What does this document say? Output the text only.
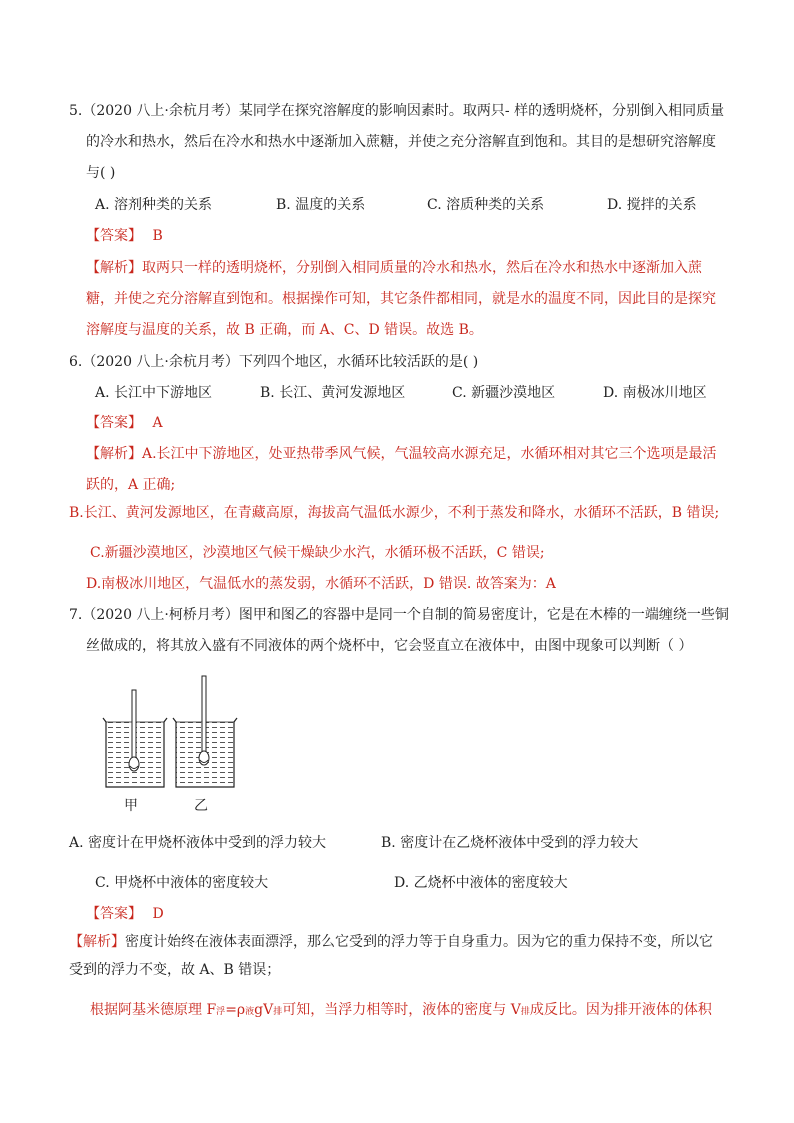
5.（2020 八上·余杭月考）某同学在探究溶解度的影响因素时。取两只- 样的透明烧杯，分别倒入相同质量
的冷水和热水，然后在冷水和热水中逐渐加入蔗糖，并使之充分溶解直到饱和。其目的是想研究溶解度
与( )
A. 溶剂种类的关系	B. 温度的关系	C. 溶质种类的关系	D. 搅拌的关系
【答案】 B
【解析】取两只一样的透明烧杯，分别倒入相同质量的冷水和热水，然后在冷水和热水中逐渐加入蔗
糖，并使之充分溶解直到饱和。根据操作可知，其它条件都相同，就是水的温度不同，因此目的是探究
溶解度与温度的关系，故 B 正确，而 A、C、D 错误。故选 B。
6.（2020 八上·余杭月考）下列四个地区，水循环比较活跃的是( )
A. 长江中下游地区	B. 长江、黄河发源地区	C. 新疆沙漠地区	D. 南极冰川地区
【答案】 A
【解析】A.长江中下游地区，处亚热带季风气候，气温较高水源充足，水循环相对其它三个选项是最活
跃的，A 正确;
B.长江、黄河发源地区，在青藏高原，海拔高气温低水源少，不利于蒸发和降水，水循环不活跃，B 错误;
C.新疆沙漠地区，沙漠地区气候干燥缺少水汽，水循环极不活跃，C 错误;
D.南极冰川地区，气温低水的蒸发弱，水循环不活跃，D 错误. 故答案为：A
7.（2020 八上·柯桥月考）图甲和图乙的容器中是同一个自制的简易密度计，它是在木棒的一端缠绕一些铜
丝做成的，将其放入盛有不同液体的两个烧杯中，它会竖直立在液体中，由图中现象可以判断（ ）
甲	乙
A. 密度计在甲烧杯液体中受到的浮力较大	B. 密度计在乙烧杯液体中受到的浮力较大
C. 甲烧杯中液体的密度较大	D. 乙烧杯中液体的密度较大
【答案】 D
【解析】密度计始终在液体表面漂浮，那么它受到的浮力等于自身重力。因为它的重力保持不变，所以它
受到的浮力不变，故 A、B 错误；
根据阿基米德原理 F浮=ρ液gV排可知，当浮力相等时，液体的密度与 V排成反比。因为排开液体的体积
